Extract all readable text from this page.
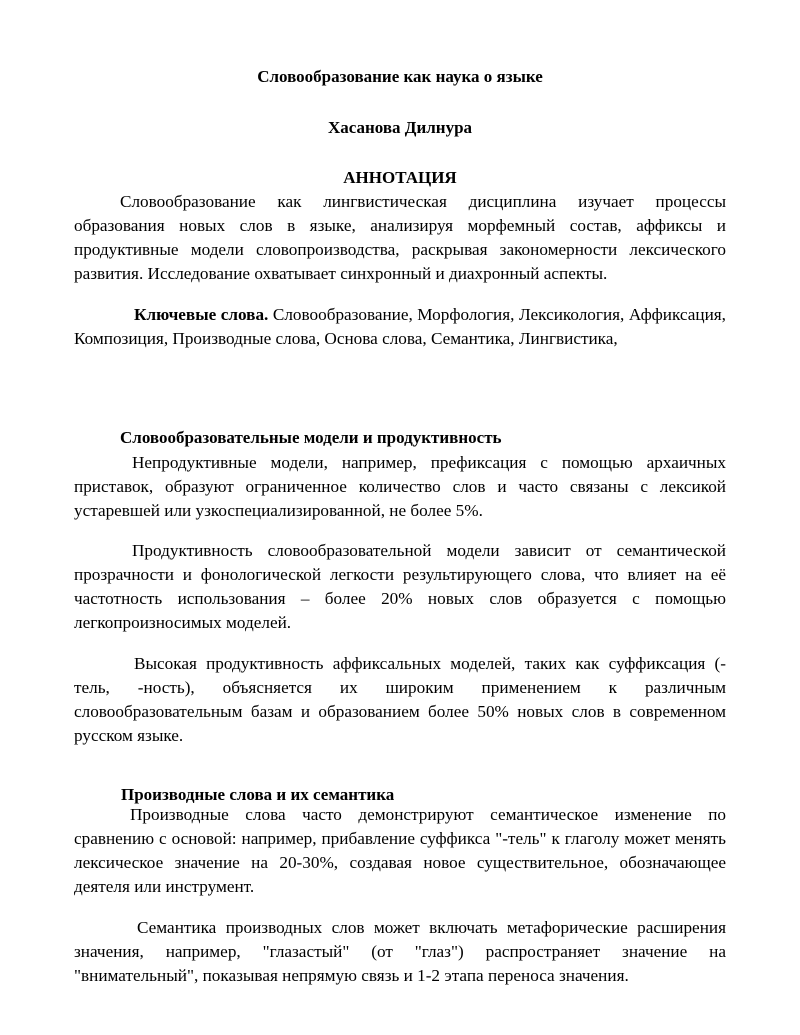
Словообразование как наука о языке
Хасанова Дилнура
АННОТАЦИЯ
Словообразование как лингвистическая дисциплина изучает процессы образования новых слов в языке, анализируя морфемный состав, аффиксы и продуктивные модели словопроизводства, раскрывая закономерности лексического развития. Исследование охватывает синхронный и диахронный аспекты.
Ключевые слова. Словообразование, Морфология, Лексикология, Аффиксация, Композиция, Производные слова, Основа слова, Семантика, Лингвистика,
Словообразовательные модели и продуктивность
Непродуктивные модели, например, префиксация с помощью архаичных приставок, образуют ограниченное количество слов и часто связаны с лексикой устаревшей или узкоспециализированной, не более 5%.
Продуктивность словообразовательной модели зависит от семантической прозрачности и фонологической легкости результирующего слова, что влияет на её частотность использования – более 20% новых слов образуется с помощью легкопроизносимых моделей.
Высокая продуктивность аффиксальных моделей, таких как суффиксация (-тель, -ность), объясняется их широким применением к различным словообразовательным базам и образованием более 50% новых слов в современном русском языке.
Производные слова и их семантика
Производные слова часто демонстрируют семантическое изменение по сравнению с основой: например, прибавление суффикса "-тель" к глаголу может менять лексическое значение на 20-30%, создавая новое существительное, обозначающее деятеля или инструмент.
Семантика производных слов может включать метафорические расширения значения, например, "глазастый" (от "глаз") распространяет значение на "внимательный", показывая непрямую связь и 1-2 этапа переноса значения.
